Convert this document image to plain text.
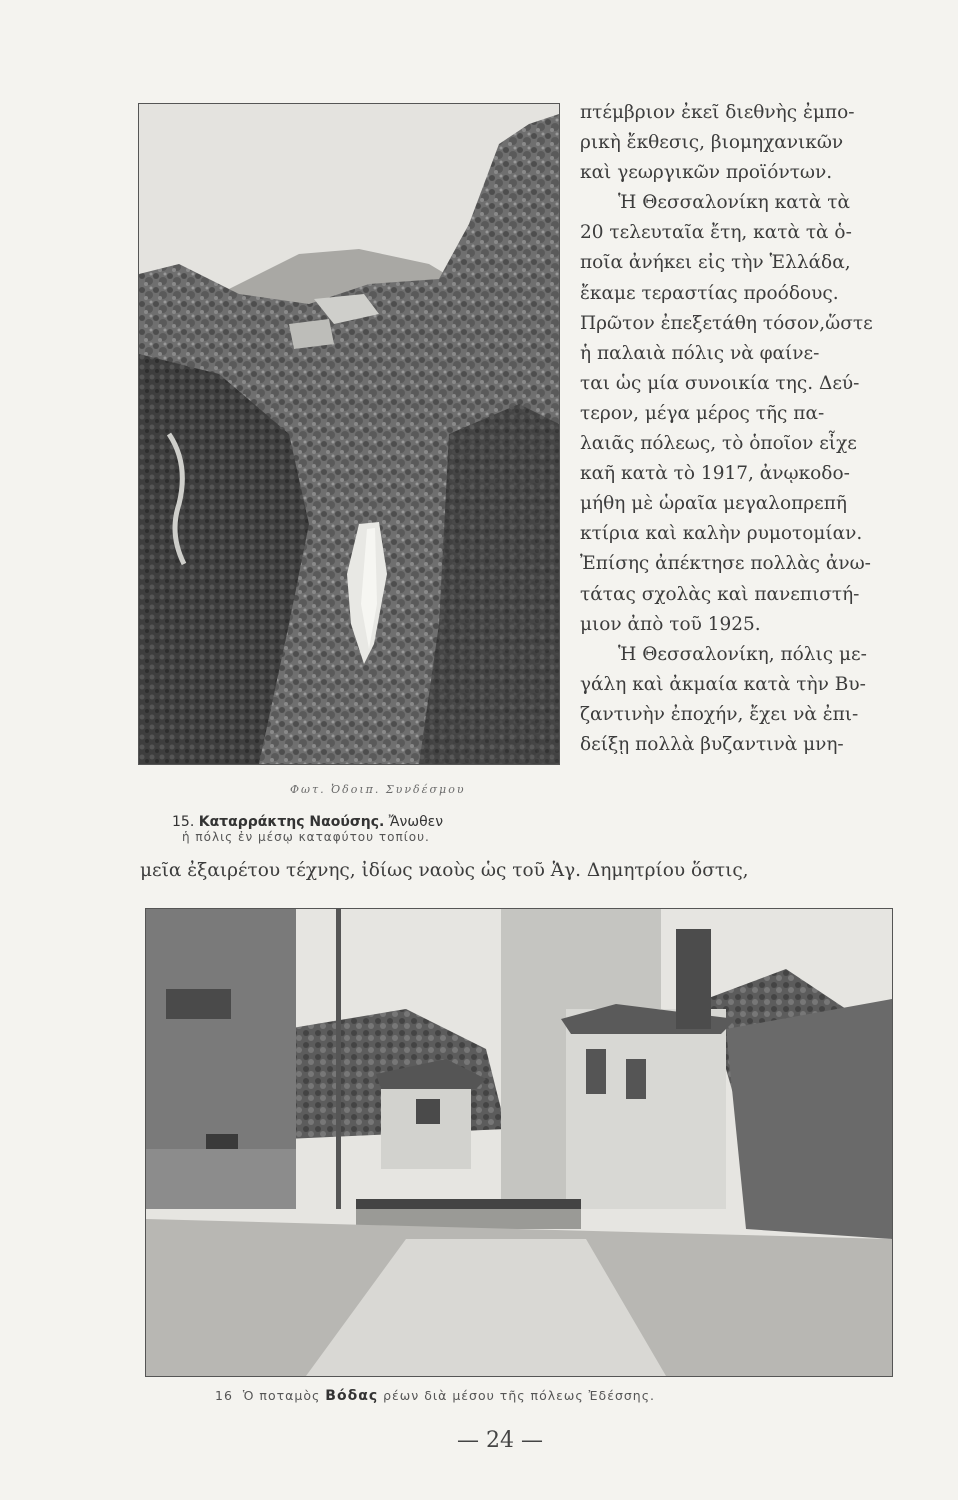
Φωτ. Ὀδοιπ. Συνδέσμου
15. Καταρράκτης Ναούσης. Ἄνωθεν
ἡ πόλις ἐν μέσῳ καταφύτου τοπίου.
πτέμβριον ἐκεῖ διεθνὴς ἐμπο-
ρικὴ ἔκθεσις, βιομηχανικῶν
καὶ γεωργικῶν προϊόντων.
Ἡ Θεσσαλονίκη κατὰ τὰ
20 τελευταῖα ἔτη, κατὰ τὰ ὁ-
ποῖα ἀνήκει εἰς τὴν Ἑλλάδα,
ἔκαμε τεραστίας προόδους.
Πρῶτον ἐπεξετάθη τόσον,ὥστε
ἡ παλαιὰ πόλις νὰ φαίνε-
ται ὡς μία συνοικία της. Δεύ-
τερον, μέγα μέρος τῆς πα-
λαιᾶς πόλεως, τὸ ὁποῖον εἶχε
καῆ κατὰ τὸ 1917, ἀνῳκοδο-
μήθη μὲ ὡραῖα μεγαλοπρεπῆ
κτίρια καὶ καλὴν ρυμοτομίαν.
Ἐπίσης ἀπέκτησε πολλὰς ἀνω-
τάτας σχολὰς καὶ πανεπιστή-
μιον ἀπὸ τοῦ 1925.
Ἡ Θεσσαλονίκη, πόλις με-
γάλη καὶ ἀκμαία κατὰ τὴν Βυ-
ζαντινὴν ἐποχήν, ἔχει νὰ ἐπι-
δείξῃ πολλὰ βυζαντινὰ μνη-
μεῖα ἐξαιρέτου τέχνης, ἰδίως ναοὺς ὡς τοῦ Ἁγ. Δημητρίου ὅστις,
16 Ὁ ποταμὸς Βόδας ρέων διὰ μέσου τῆς πόλεως Ἐδέσσης.
— 24 —
